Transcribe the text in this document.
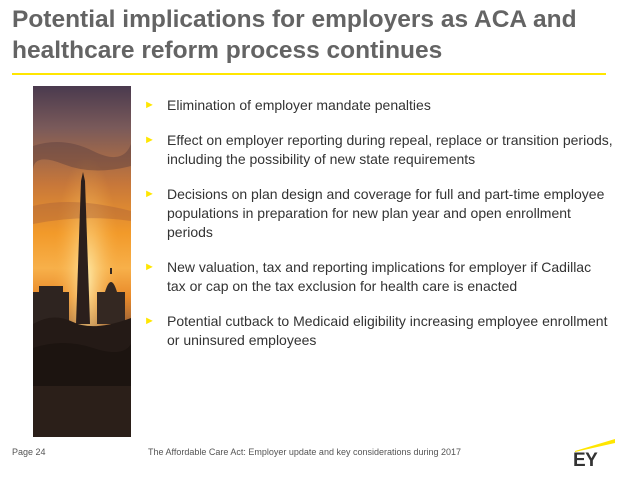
Potential implications for employers as ACA and healthcare reform process continues
► Elimination of employer mandate penalties
► Effect on employer reporting during repeal, replace or transition periods, including the possibility of new state requirements
► Decisions on plan design and coverage for full and part-time employee populations in preparation for new plan year and open enrollment periods
► New valuation, tax and reporting implications for employer if Cadillac tax or cap on the tax exclusion for health care is enacted
► Potential cutback to Medicaid eligibility increasing employee enrollment or uninsured employees
Page 24	The Affordable Care Act: Employer update and key considerations during 2017	EY
